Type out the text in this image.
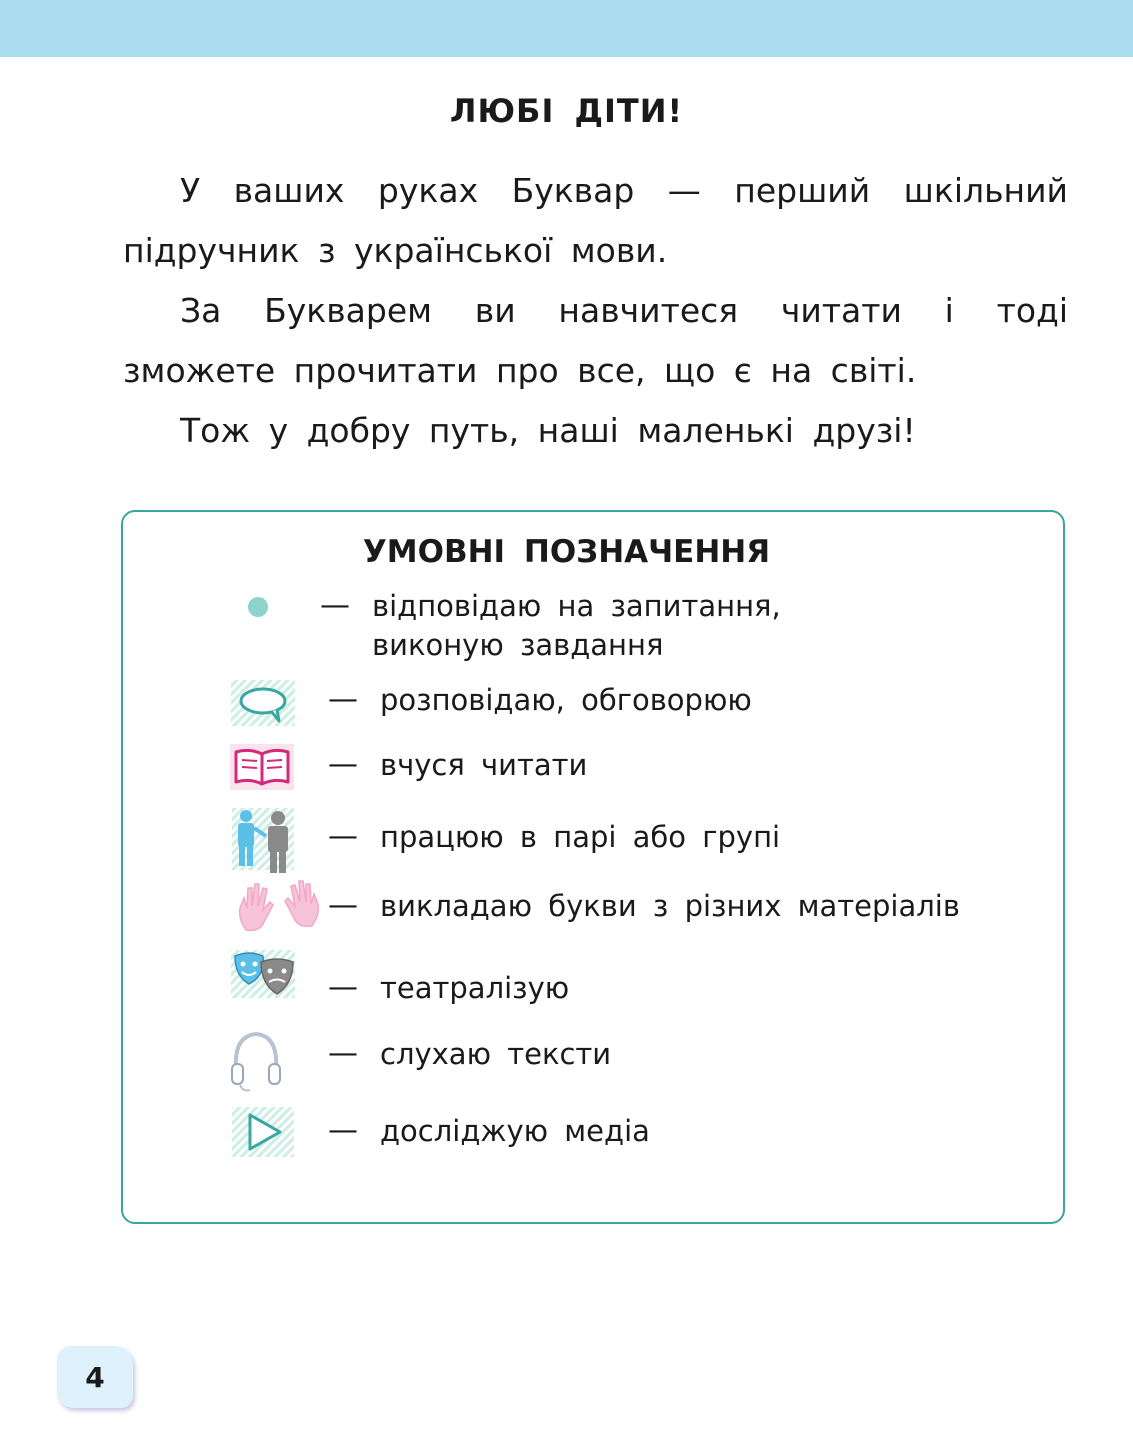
ЛЮБІ ДІТИ!

У ваших руках Буквар — перший шкільний підручник з української мови.

За Букварем ви навчитеся читати і тоді зможете прочитати про все, що є на світі.

Тож у добру путь, наші маленькі друзі!

УМОВНІ ПОЗНАЧЕННЯ
— відповідаю на запитання,
виконую завдання
— розповідаю, обговорюю
— вчуся читати
— працюю в парі або групі
— викладаю букви з різних матеріалів
— театралізую
— слухаю тексти
— досліджую медіа
4
